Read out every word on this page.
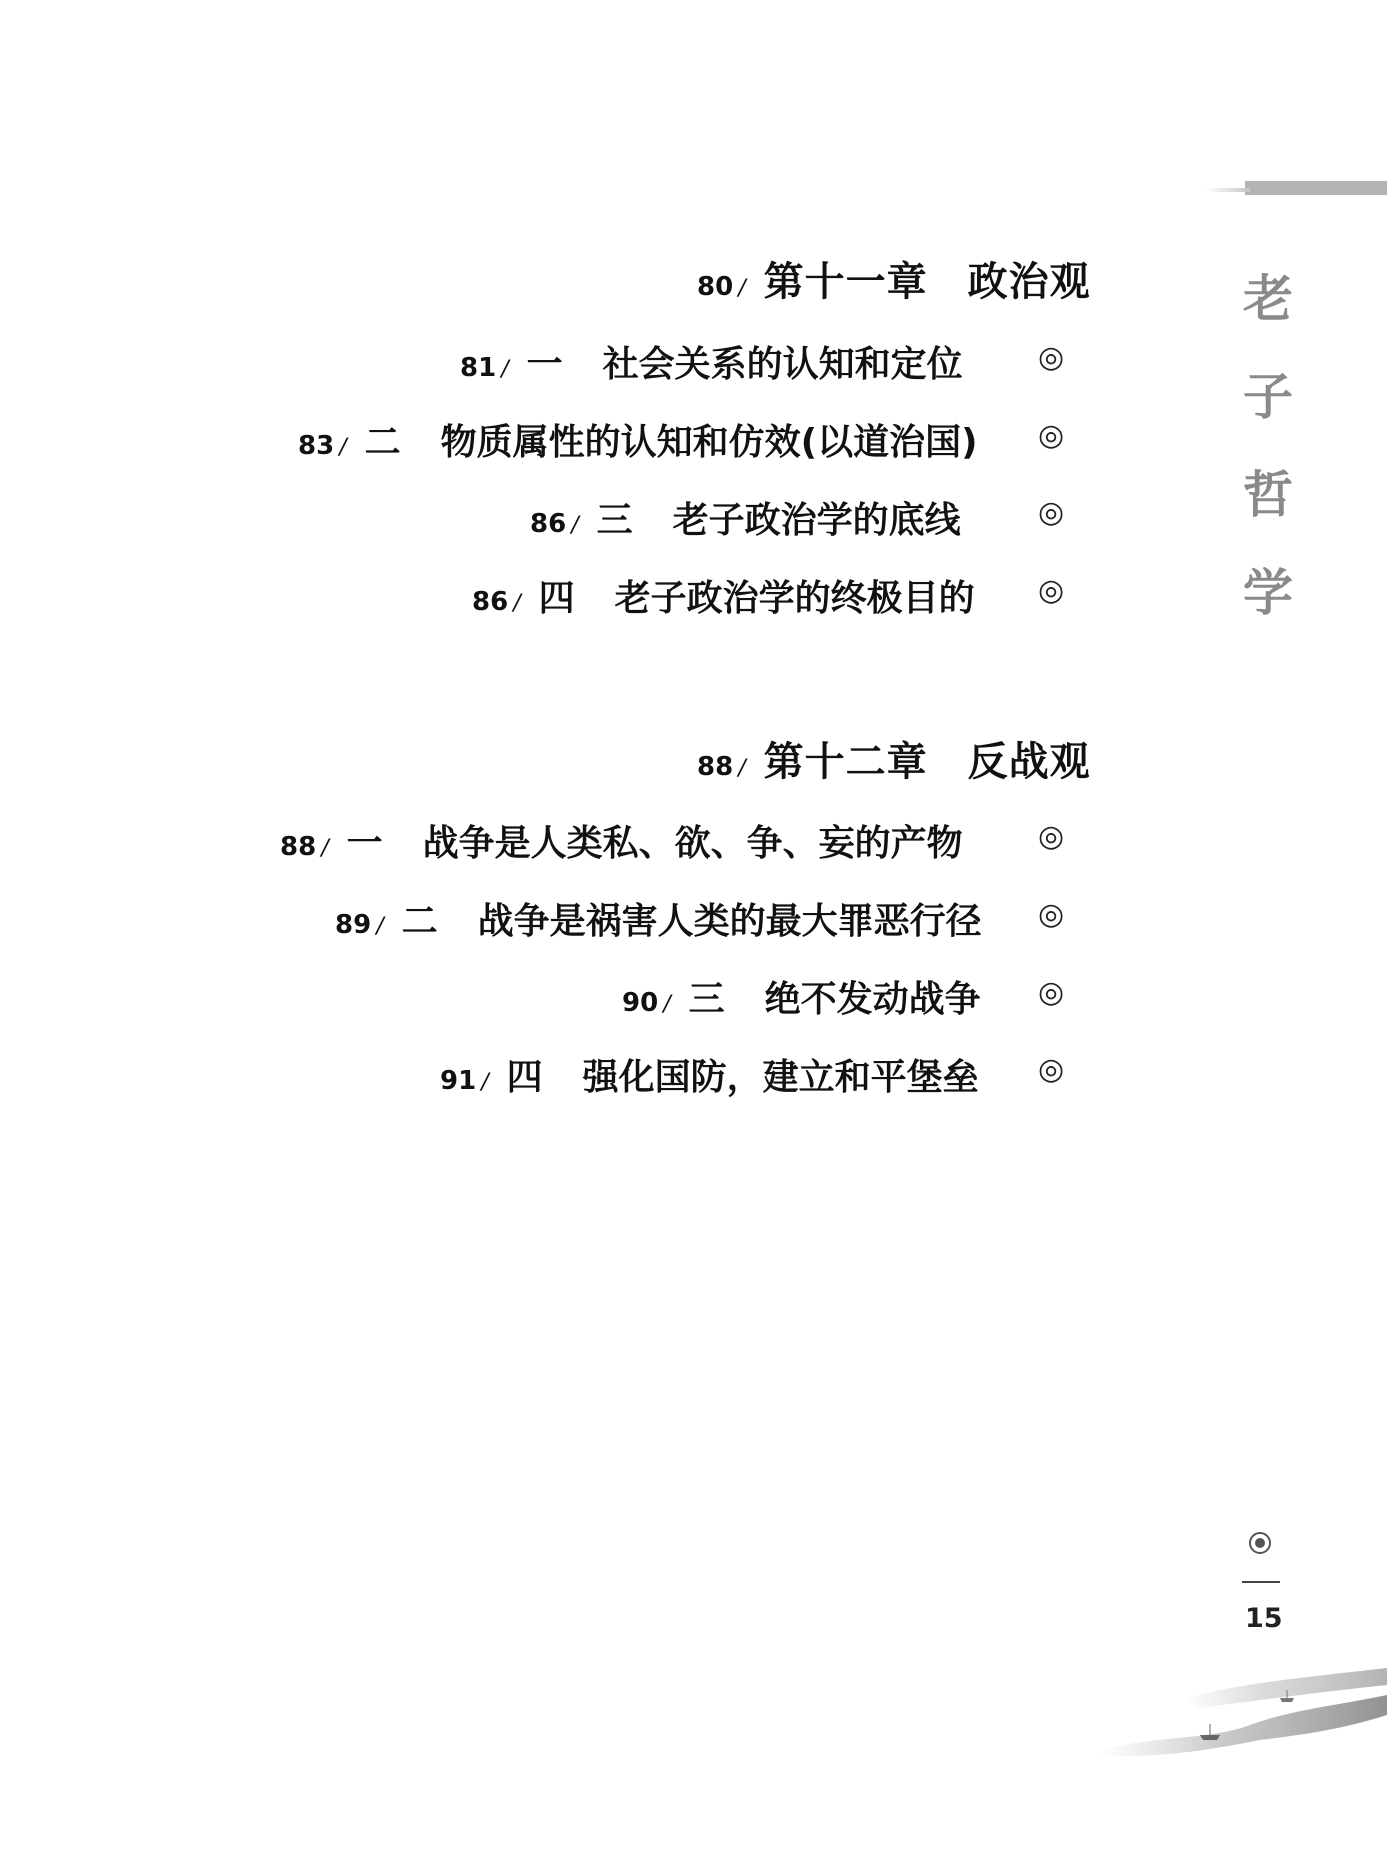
老
子
哲
学
80 / 第十一章 政治观
81 / 一 社会关系的认知和定位	◎
83 / 二 物质属性的认知和仿效(以道治国) ◎
86 / 三 老子政治学的底线	◎
86 / 四 老子政治学的终极目的 ◎
88 / 第十二章 反战观
88 / 一 战争是人类私、欲、争、妄的产物	◎
89 / 二 战争是祸害人类的最大罪恶行径 ◎
90 / 三 绝不发动战争 ◎
91 / 四 强化国防，建立和平堡垒 ◎
15
